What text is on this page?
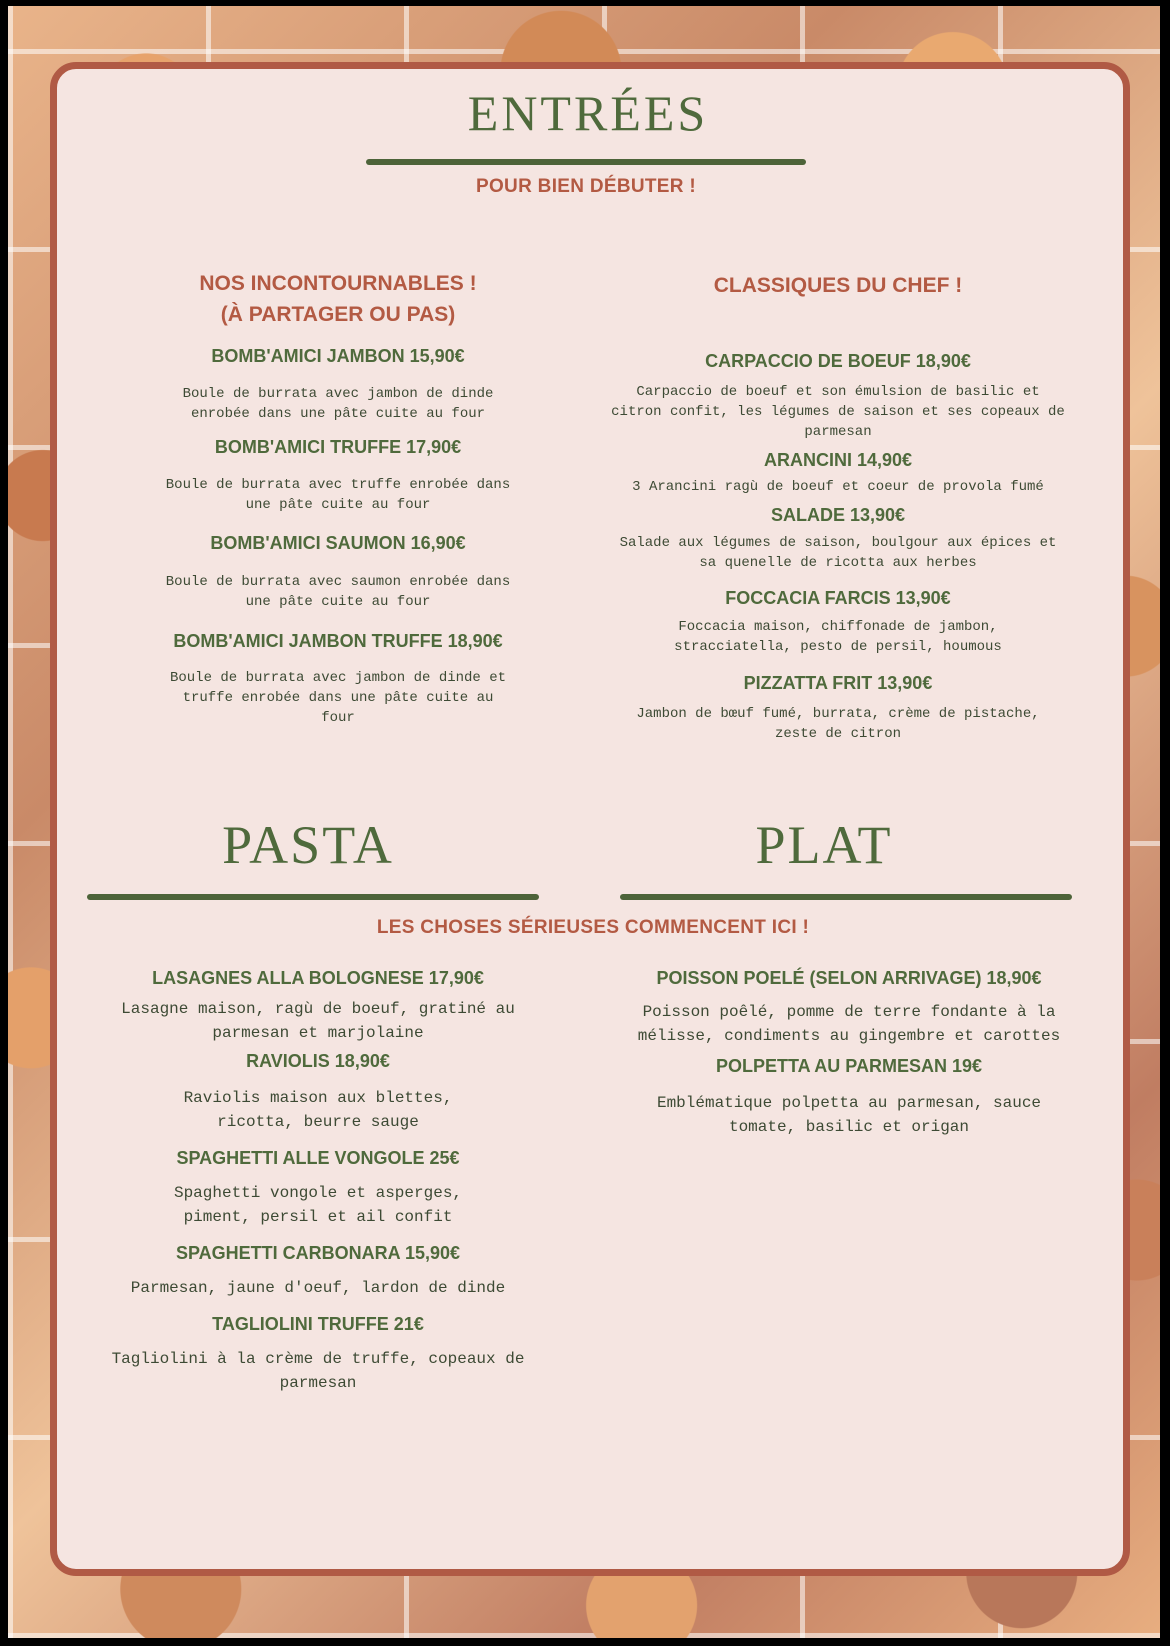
ENTRÉES

POUR BIEN DÉBUTER !

NOS INCONTOURNABLES !

(À PARTAGER OU PAS)

BOMB'AMICI JAMBON 15,90€

Boule de burrata avec jambon de dinde enrobée dans une pâte cuite au four

BOMB'AMICI TRUFFE 17,90€

Boule de burrata avec truffe enrobée dans une pâte cuite au four

BOMB'AMICI SAUMON 16,90€

Boule de burrata avec saumon enrobée dans une pâte cuite au four

BOMB'AMICI JAMBON TRUFFE 18,90€

Boule de burrata avec jambon de dinde et truffe enrobée dans une pâte cuite au four

CLASSIQUES DU CHEF !

CARPACCIO DE BOEUF 18,90€

Carpaccio de boeuf et son émulsion de basilic et citron confit, les légumes de saison et ses copeaux de parmesan

ARANCINI 14,90€

3 Arancini ragù de boeuf et coeur de provola fumé

SALADE 13,90€

Salade aux légumes de saison, boulgour aux épices et sa quenelle de ricotta aux herbes

FOCCACIA FARCIS 13,90€

Foccacia maison, chiffonade de jambon, stracciatella, pesto de persil, houmous

PIZZATTA FRIT 13,90€

Jambon de bœuf fumé, burrata, crème de pistache, zeste de citron

PASTA	PLAT

LES CHOSES SÉRIEUSES COMMENCENT ICI !

LASAGNES ALLA BOLOGNESE 17,90€

Lasagne maison, ragù de boeuf, gratiné au parmesan et marjolaine

RAVIOLIS 18,90€

Raviolis maison aux blettes, ricotta, beurre sauge

SPAGHETTI ALLE VONGOLE 25€

Spaghetti vongole et asperges, piment, persil et ail confit

SPAGHETTI CARBONARA 15,90€

Parmesan, jaune d'oeuf, lardon de dinde

TAGLIOLINI TRUFFE 21€

Tagliolini à la crème de truffe, copeaux de parmesan

POISSON POELÉ (SELON ARRIVAGE) 18,90€

Poisson poêlé, pomme de terre fondante à la mélisse, condiments au gingembre et carottes

POLPETTA AU PARMESAN 19€

Emblématique polpetta au parmesan, sauce tomate, basilic et origan
